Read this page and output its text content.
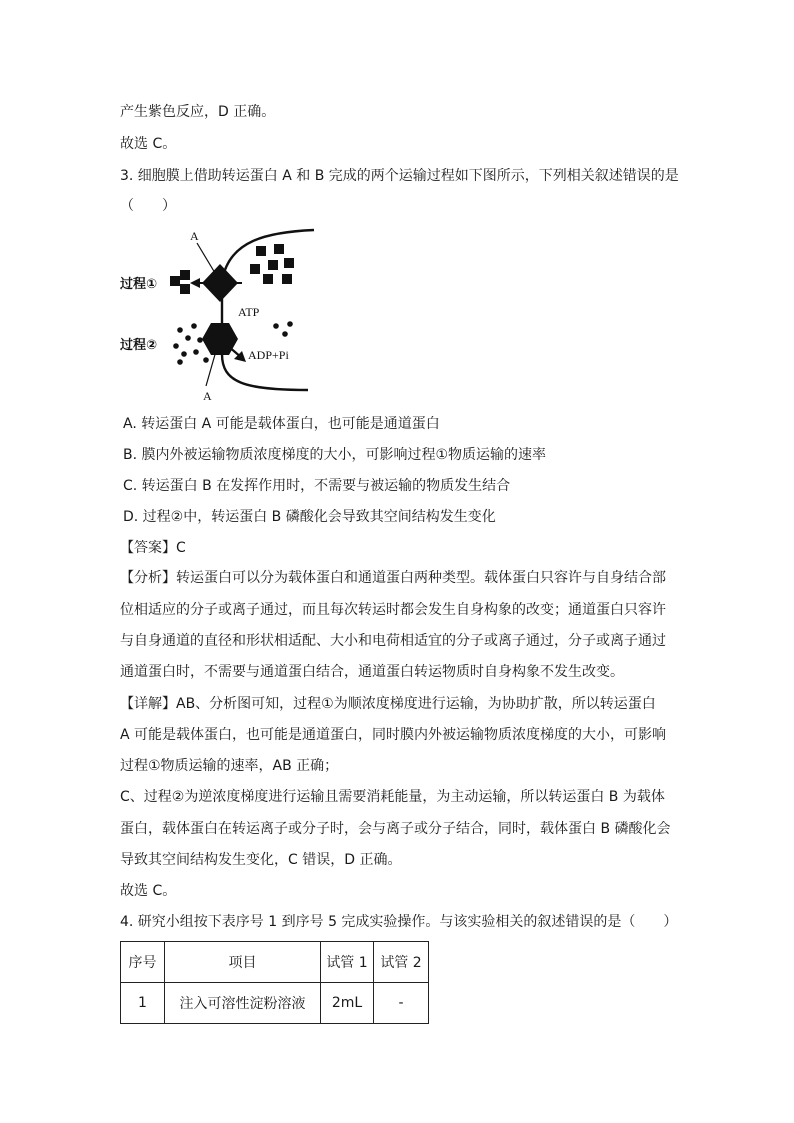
产生紫色反应，D 正确。
故选 C。
3. 细胞膜上借助转运蛋白 A 和 B 完成的两个运输过程如下图所示，下列相关叙述错误的是
（　　）
A
A
过程①
过程②
ATP
ADP+Pi
A. 转运蛋白 A 可能是载体蛋白，也可能是通道蛋白
B. 膜内外被运输物质浓度梯度的大小，可影响过程①物质运输的速率
C. 转运蛋白 B 在发挥作用时，不需要与被运输的物质发生结合
D. 过程②中，转运蛋白 B 磷酸化会导致其空间结构发生变化
【答案】C
【分析】转运蛋白可以分为载体蛋白和通道蛋白两种类型。载体蛋白只容许与自身结合部
位相适应的分子或离子通过，而且每次转运时都会发生自身构象的改变；通道蛋白只容许
与自身通道的直径和形状相适配、大小和电荷相适宜的分子或离子通过，分子或离子通过
通道蛋白时，不需要与通道蛋白结合，通道蛋白转运物质时自身构象不发生改变。
【详解】AB、分析图可知，过程①为顺浓度梯度进行运输，为协助扩散，所以转运蛋白
A 可能是载体蛋白，也可能是通道蛋白，同时膜内外被运输物质浓度梯度的大小，可影响
过程①物质运输的速率，AB 正确；
C、过程②为逆浓度梯度进行运输且需要消耗能量，为主动运输，所以转运蛋白 B 为载体
蛋白，载体蛋白在转运离子或分子时，会与离子或分子结合，同时，载体蛋白 B 磷酸化会
导致其空间结构发生变化，C 错误，D 正确。
故选 C。
4. 研究小组按下表序号 1 到序号 5 完成实验操作。与该实验相关的叙述错误的是（　　）
序号	项目	试管 1	试管 2
1	注入可溶性淀粉溶液	2mL	-
